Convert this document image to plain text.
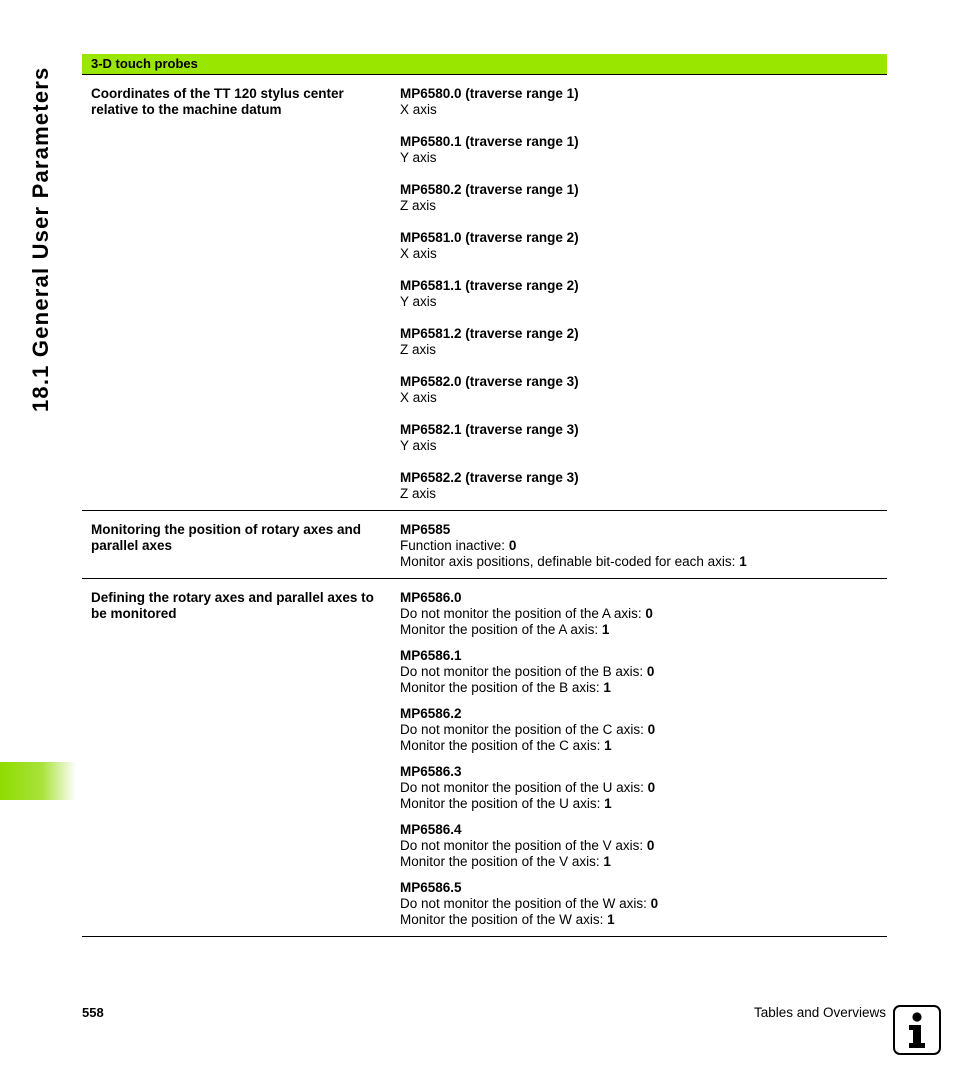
18.1 General User Parameters
3-D touch probes
Coordinates of the TT 120 stylus center relative to the machine datum
MP6580.0 (traverse range 1)
X axis
MP6580.1 (traverse range 1)
Y axis
MP6580.2 (traverse range 1)
Z axis
MP6581.0 (traverse range 2)
X axis
MP6581.1 (traverse range 2)
Y axis
MP6581.2 (traverse range 2)
Z axis
MP6582.0 (traverse range 3)
X axis
MP6582.1 (traverse range 3)
Y axis
MP6582.2 (traverse range 3)
Z axis
Monitoring the position of rotary axes and parallel axes
MP6585
Function inactive: 0
Monitor axis positions, definable bit-coded for each axis: 1
Defining the rotary axes and parallel axes to be monitored
MP6586.0
Do not monitor the position of the A axis: 0
Monitor the position of the A axis: 1
MP6586.1
Do not monitor the position of the B axis: 0
Monitor the position of the B axis: 1
MP6586.2
Do not monitor the position of the C axis: 0
Monitor the position of the C axis: 1
MP6586.3
Do not monitor the position of the U axis: 0
Monitor the position of the U axis: 1
MP6586.4
Do not monitor the position of the V axis: 0
Monitor the position of the V axis: 1
MP6586.5
Do not monitor the position of the W axis: 0
Monitor the position of the W axis: 1
558	Tables and Overviews
